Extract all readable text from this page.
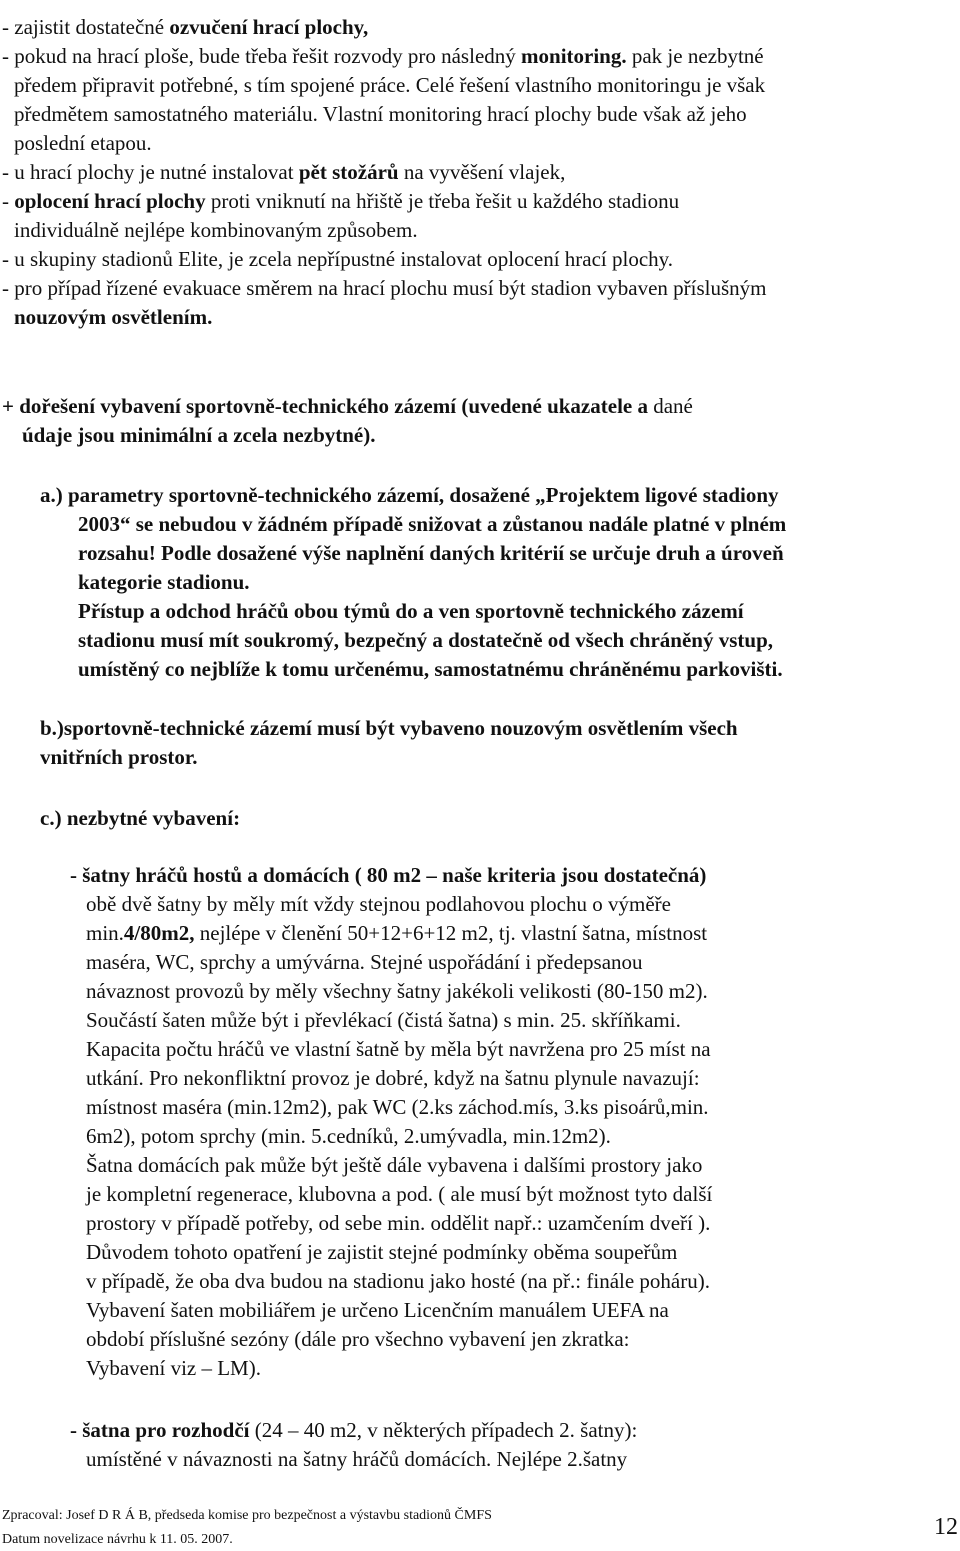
- zajistit dostatečné ozvučení hrací plochy,
- pokud na hrací ploše, bude třeba řešit rozvody pro následný monitoring. pak je nezbytné
předem připravit potřebné, s tím spojené práce. Celé řešení vlastního monitoringu je však
předmětem samostatného materiálu. Vlastní monitoring hrací plochy bude však až jeho
poslední etapou.
- u hrací plochy je nutné instalovat pět stožárů na vyvěšení vlajek,
- oplocení hrací plochy proti vniknutí na hřiště je třeba řešit u každého stadionu
individuálně nejlépe kombinovaným způsobem.
- u skupiny stadionů Elite, je zcela nepřípustné instalovat oplocení hrací plochy.
- pro případ řízené evakuace směrem na hrací plochu musí být stadion vybaven příslušným
nouzovým osvětlením.
+ dořešení vybavení sportovně-technického zázemí (uvedené ukazatele a dané
údaje jsou minimální a zcela nezbytné).
a.) parametry sportovně-technického zázemí, dosažené „Projektem ligové stadiony
2003“ se nebudou v žádném případě snižovat a zůstanou nadále platné v plném
rozsahu! Podle dosažené výše naplnění daných kritérií se určuje druh a úroveň
kategorie stadionu.
Přístup a odchod hráčů obou týmů do a ven sportovně technického zázemí
stadionu musí mít soukromý, bezpečný a dostatečně od všech chráněný vstup,
umístěný co nejblíže k tomu určenému, samostatnému chráněnému parkovišti.
b.)sportovně-technické zázemí musí být vybaveno nouzovým osvětlením všech
vnitřních prostor.
c.) nezbytné vybavení:
- šatny hráčů hostů a domácích ( 80 m2 – naše kriteria jsou dostatečná)
obě dvě šatny by měly mít vždy stejnou podlahovou plochu o výměře
min.4/80m2, nejlépe v členění 50+12+6+12 m2, tj. vlastní šatna, místnost
maséra, WC, sprchy a umývárna. Stejné uspořádání i předepsanou
návaznost provozů by měly všechny šatny jakékoli velikosti (80-150 m2).
Součástí šaten může být i převlékací (čistá šatna) s min. 25. skříňkami.
Kapacita počtu hráčů ve vlastní šatně by měla být navržena pro 25 míst na
utkání. Pro nekonfliktní provoz je dobré, když na šatnu plynule navazují:
místnost maséra (min.12m2), pak WC (2.ks záchod.mís, 3.ks pisoárů,min.
6m2), potom sprchy (min. 5.cedníků, 2.umývadla, min.12m2).
Šatna domácích pak může být ještě dále vybavena i dalšími prostory jako
je kompletní regenerace, klubovna a pod. ( ale musí být možnost tyto další
prostory v případě potřeby, od sebe min. oddělit např.: uzamčením dveří ).
Důvodem tohoto opatření je zajistit stejné podmínky oběma soupeřům
v případě, že oba dva budou na stadionu jako hosté (na př.: finále poháru).
Vybavení šaten mobiliářem je určeno Licenčním manuálem UEFA na
období příslušné sezóny (dále pro všechno vybavení jen zkratka:
Vybavení viz – LM).
- šatna pro rozhodčí (24 – 40 m2, v některých případech 2. šatny):
umístěné v návaznosti na šatny hráčů domácích. Nejlépe 2.šatny
Zpracoval: Josef D R Á B, předseda komise pro bezpečnost a výstavbu stadionů ČMFS
Datum novelizace návrhu k 11. 05. 2007.	12
